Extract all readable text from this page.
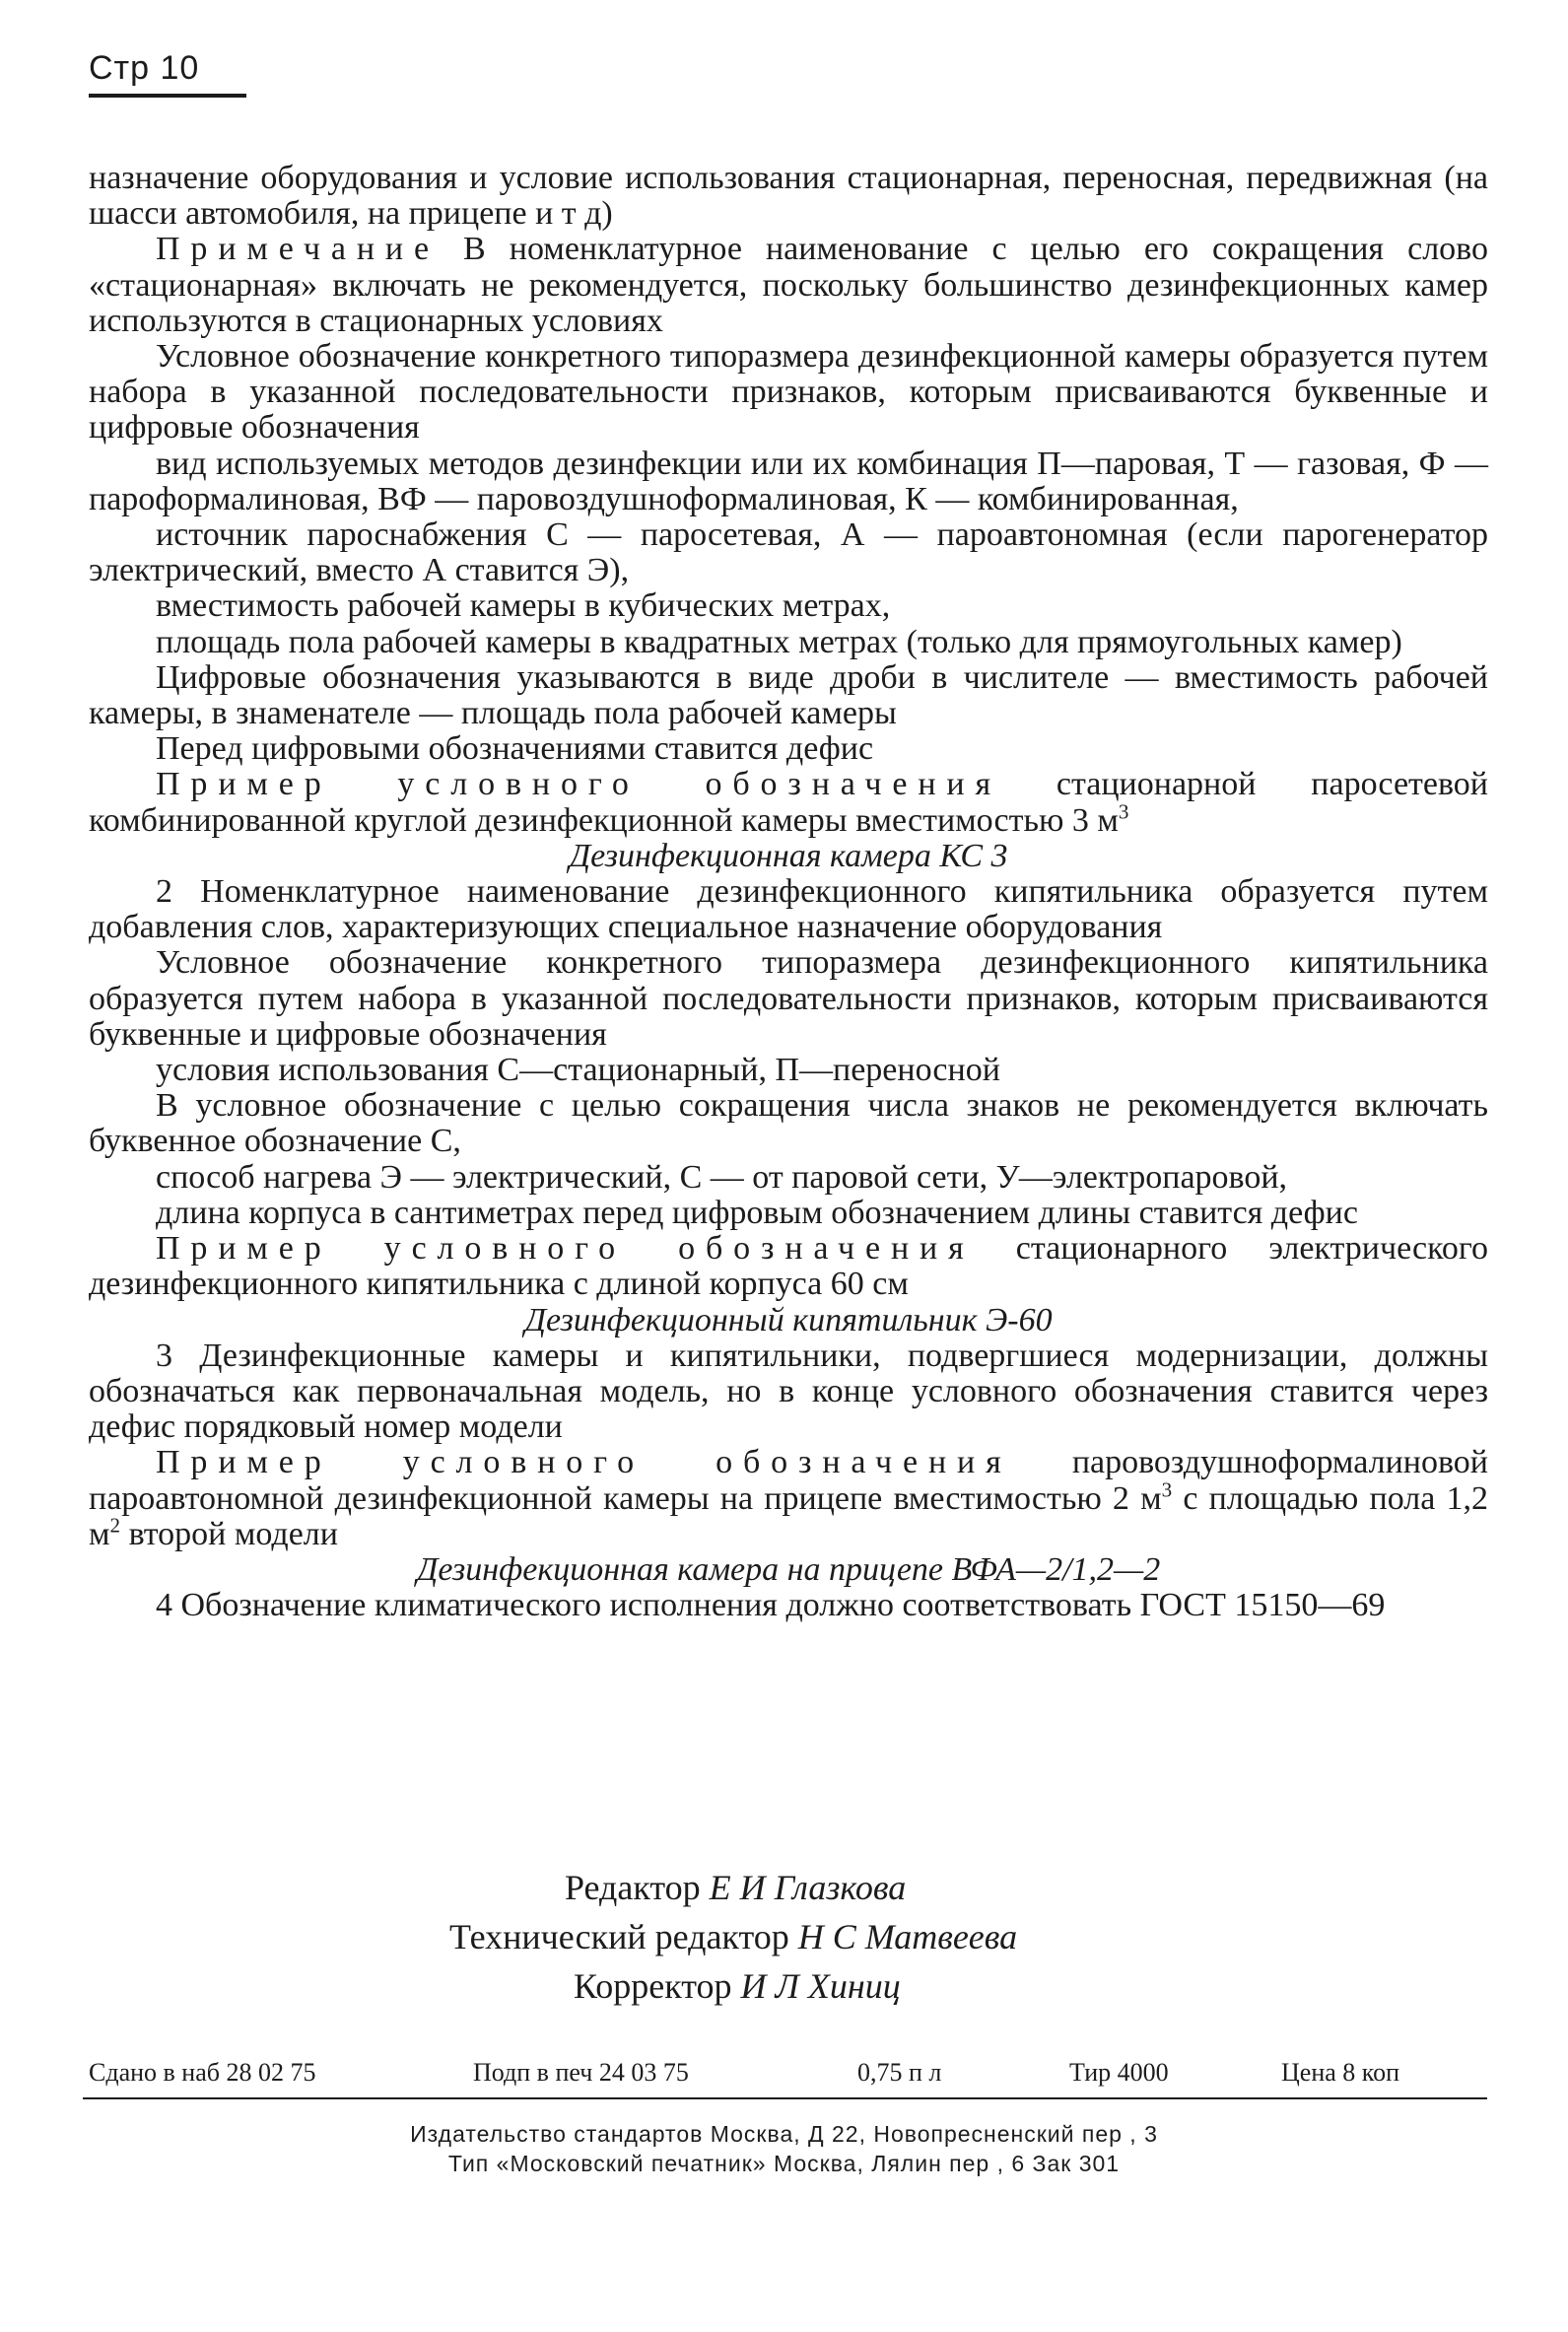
Стр 10

назначение оборудования и условие использования стационарная, переносная, передвижная (на шасси автомобиля, на прицепе и т д)

Примечание В номенклатурное наименование с целью его сокращения слово «стационарная» включать не рекомендуется, поскольку большинство дезинфекционных камер используются в стационарных условиях

Условное обозначение конкретного типоразмера дезинфекционной камеры образуется путем набора в указанной последовательности признаков, которым присваиваются буквенные и цифровые обозначения

вид используемых методов дезинфекции или их комбинация П—паровая, Т — газовая, Ф — пароформалиновая, ВФ — паровоздушноформалиновая, К — комбинированная,

источник пароснабжения С — паросетевая, А — пароавтономная (если парогенератор электрический, вместо А ставится Э),

вместимость рабочей камеры в кубических метрах,

площадь пола рабочей камеры в квадратных метрах (только для прямоугольных камер)

Цифровые обозначения указываются в виде дроби в числителе — вместимость рабочей камеры, в знаменателе — площадь пола рабочей камеры

Перед цифровыми обозначениями ставится дефис

Пример условного обозначения стационарной паросетевой комбинированной круглой дезинфекционной камеры вместимостью 3 $м^3$

Дезинфекционная камера КС 3

2 Номенклатурное наименование дезинфекционного кипятильника образуется путем добавления слов, характеризующих специальное назначение оборудования

Условное обозначение конкретного типоразмера дезинфекционного кипятильника образуется путем набора в указанной последовательности признаков, которым присваиваются буквенные и цифровые обозначения

условия использования С—стационарный, П—переносной

В условное обозначение с целью сокращения числа знаков не рекомендуется включать буквенное обозначение С,

способ нагрева Э — электрический, С — от паровой сети, У—электропаровой,

длина корпуса в сантиметрах перед цифровым обозначением длины ставится дефис

Пример условного обозначения стационарного электрического дезинфекционного кипятильника с длиной корпуса 60 см

Дезинфекционный кипятильник Э-60

3 Дезинфекционные камеры и кипятильники, подвергшиеся модернизации, должны обозначаться как первоначальная модель, но в конце условного обозначения ставится через дефис порядковый номер модели

Пример условного обозначения паровоздушноформалиновой пароавтономной дезинфекционной камеры на прицепе вместимостью 2 $м^3$ с площадью пола 1,2 $м^2$ второй модели

Дезинфекционная камера на прицепе ВФА—2/1,2—2

4 Обозначение климатического исполнения должно соответствовать ГОСТ 15150—69

Редактор Е И Глазкова
Технический редактор Н С Матвеева
Корректор И Л Хиниц
Сдано в наб 28 02 75	Подп в печ 24 03 75	0,75 п л	Тир 4000	Цена 8 коп
Издательство стандартов Москва, Д 22, Новопресненский пер , 3
Тип «Московский печатник» Москва, Лялин пер , 6 Зак 301
